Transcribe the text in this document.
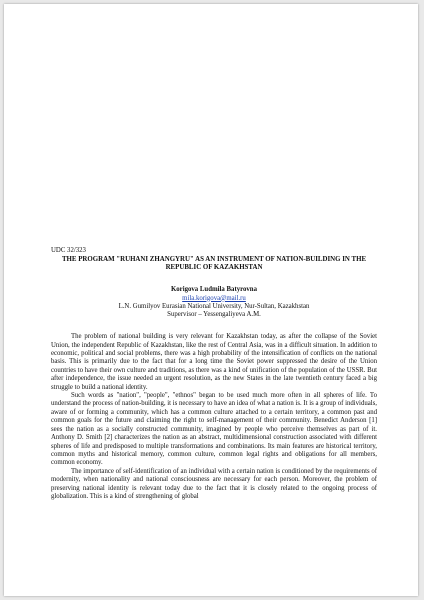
UDC 32/323

THE PROGRAM "RUHANI ZHANGYRU" AS AN INSTRUMENT OF NATION-BUILDING IN THE REPUBLIC OF KAZAKHSTAN

Korigova Ludmila Batyrovna
mila.korigova@mail.ru
L.N. Gumilyov Eurasian National University, Nur-Sultan, Kazakhstan
Supervisor – Yessengaliyeva A.M.

The problem of national building is very relevant for Kazakhstan today, as after the collapse of the Soviet Union, the independent Republic of Kazakhstan, like the rest of Central Asia, was in a difficult situation. In addition to economic, political and social problems, there was a high probability of the intensification of conflicts on the national basis. This is primarily due to the fact that for a long time the Soviet power suppressed the desire of the Union countries to have their own culture and traditions, as there was a kind of unification of the population of the USSR. But after independence, the issue needed an urgent resolution, as the new States in the late twentieth century faced a big struggle to build a national identity.

Such words as "nation", "people", "ethnos" began to be used much more often in all spheres of life. To understand the process of nation-building, it is necessary to have an idea of what a nation is. It is a group of individuals, aware of or forming a community, which has a common culture attached to a certain territory, a common past and common goals for the future and claiming the right to self-management of their community. Benedict Anderson [1] sees the nation as a socially constructed community, imagined by people who perceive themselves as part of it. Anthony D. Smith [2] characterizes the nation as an abstract, multidimensional construction associated with different spheres of life and predisposed to multiple transformations and combinations. Its main features are historical territory, common myths and historical memory, common culture, common legal rights and obligations for all members, common economy.

The importance of self-identification of an individual with a certain nation is conditioned by the requirements of modernity, when nationality and national consciousness are necessary for each person. Moreover, the problem of preserving national identity is relevant today due to the fact that it is closely related to the ongoing process of globalization. This is a kind of strengthening of global
